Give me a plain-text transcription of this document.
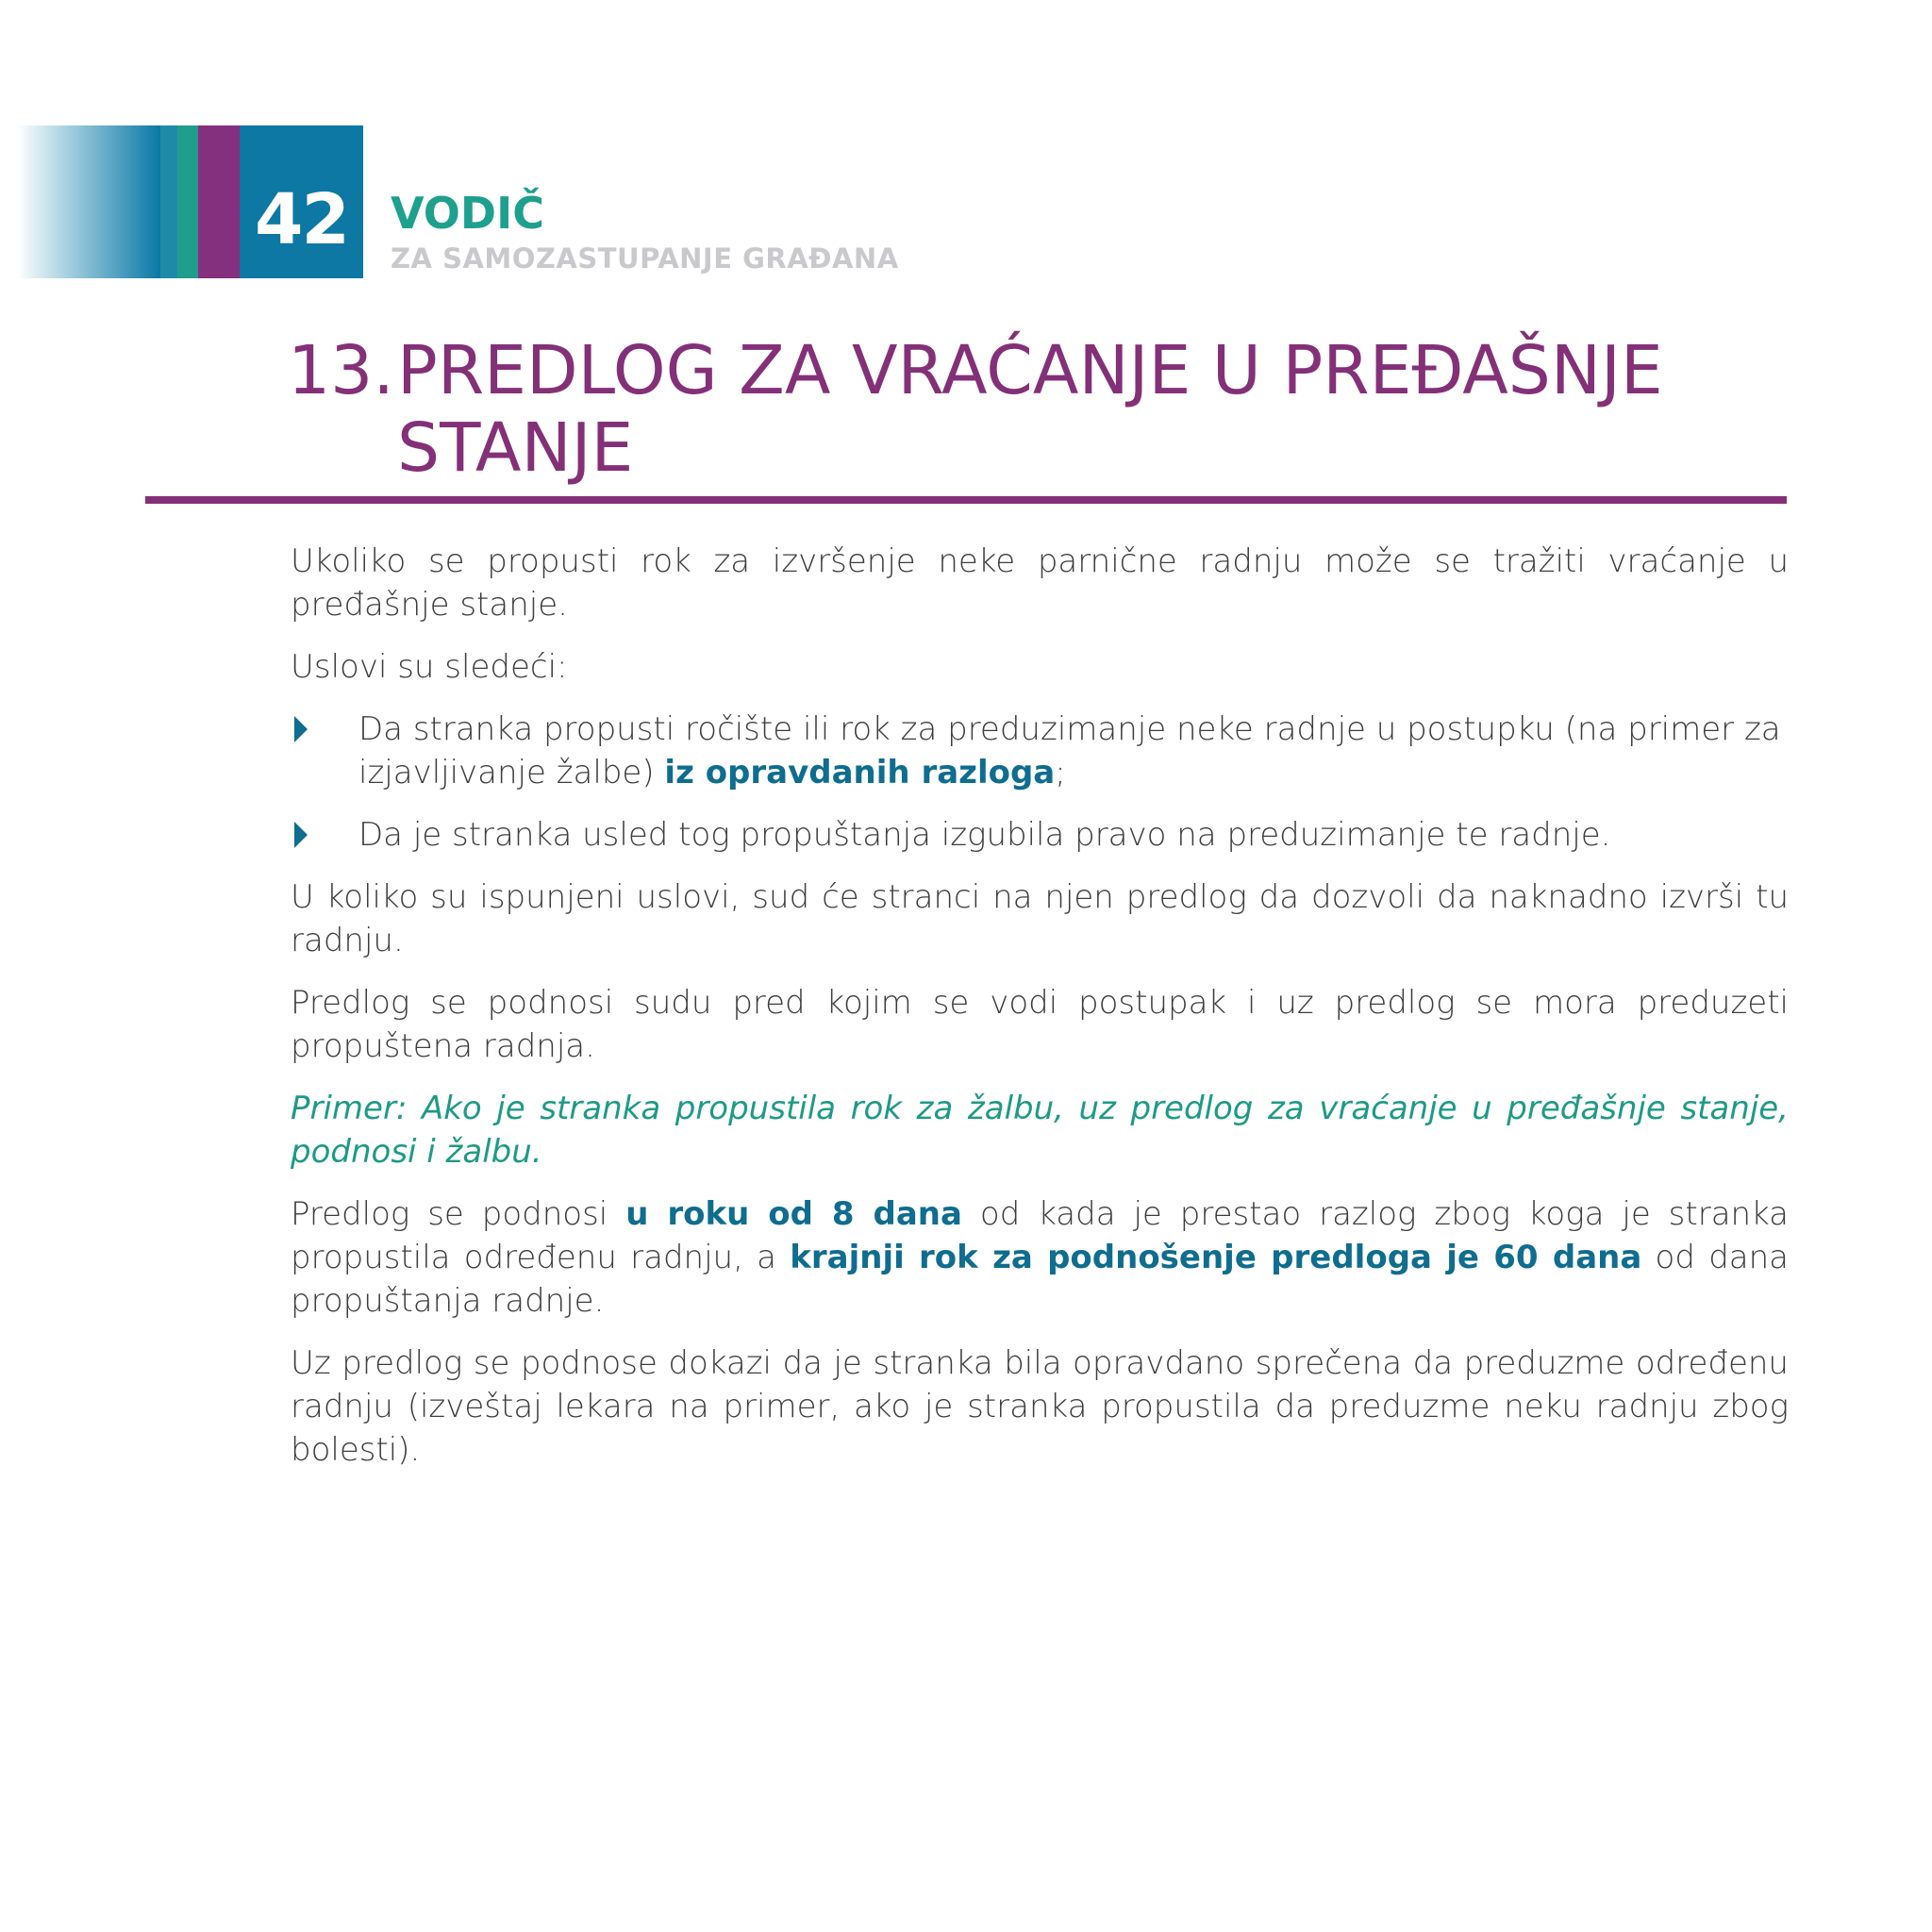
42 VODIČ
ZA SAMOZASTUPANJE GRAĐANA
13. PREDLOG ZA VRAĆANJE U PREĐAŠNJE STANJE

Ukoliko se propusti rok za izvršenje neke parnične radnju može se tražiti vraćanje u prеđašnje stanje.

Uslovi su sledeći:

Da stranka propusti ročište ili rok za preduzimanje neke radnje u postupku (na primer za izjavljivanje žalbe) iz opravdanih razloga;
Da je stranka usled tog propuštanja izgubila pravo na preduzimanje te radnje.

U koliko su ispunjeni uslovi, sud će stranci na njen predlog da dozvoli da naknadno izvrši tu radnju.

Predlog se podnosi sudu pred kojim se vodi postupak i uz predlog se mora preduzeti propuštena radnja.

Primer: Ako je stranka propustila rok za žalbu, uz predlog za vraćanje u prеđašnje stanje, podnosi i žalbu.

Predlog se podnosi u roku od 8 dana od kada je prestao razlog zbog koga je stranka propustila određenu radnju, a krajnji rok za podnošenje predloga je 60 dana od dana propuštanja radnje.

Uz predlog se podnose dokazi da je stranka bila opravdano sprečena da preduzme određenu radnju (izveštaj lekara na primer, ako je stranka propustila da preduzme neku radnju zbog bolesti).
